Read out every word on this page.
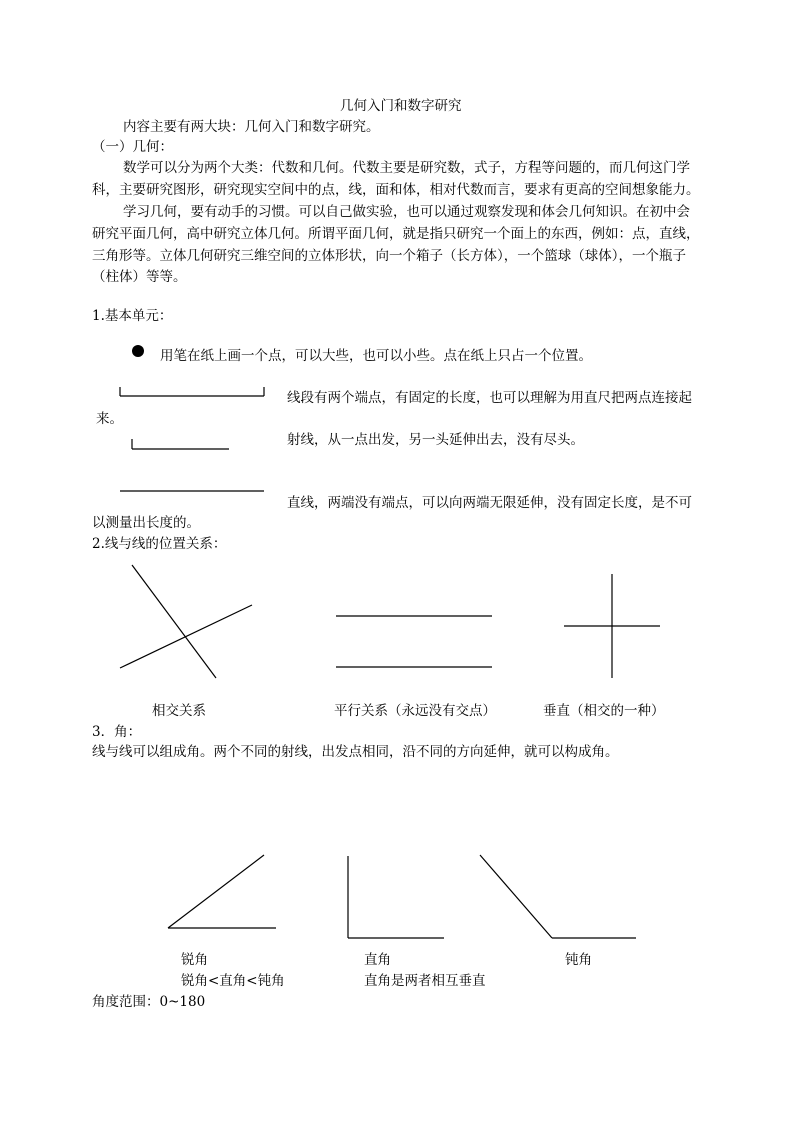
几何入门和数字研究
内容主要有两大块：几何入门和数字研究。
（一）几何：
数学可以分为两个大类：代数和几何。代数主要是研究数，式子，方程等问题的，而几何这门学
科，主要研究图形，研究现实空间中的点，线，面和体，相对代数而言，要求有更高的空间想象能力。
学习几何，要有动手的习惯。可以自己做实验，也可以通过观察发现和体会几何知识。在初中会
研究平面几何，高中研究立体几何。所谓平面几何，就是指只研究一个面上的东西，例如：点，直线，
三角形等。立体几何研究三维空间的立体形状，向一个箱子（长方体），一个篮球（球体），一个瓶子
（柱体）等等。
1.基本单元：
用笔在纸上画一个点，可以大些，也可以小些。点在纸上只占一个位置。
线段有两个端点，有固定的长度，也可以理解为用直尺把两点连接起
来。
射线，从一点出发，另一头延伸出去，没有尽头。
直线，两端没有端点，可以向两端无限延伸，没有固定长度，是不可
以测量出长度的。
2.线与线的位置关系：
相交关系	平行关系（永远没有交点）	垂直（相交的一种）
3．角：
线与线可以组成角。两个不同的射线，出发点相同，沿不同的方向延伸，就可以构成角。
锐角	直角	钝角
锐角<直角<钝角	直角是两者相互垂直
角度范围：0~180
